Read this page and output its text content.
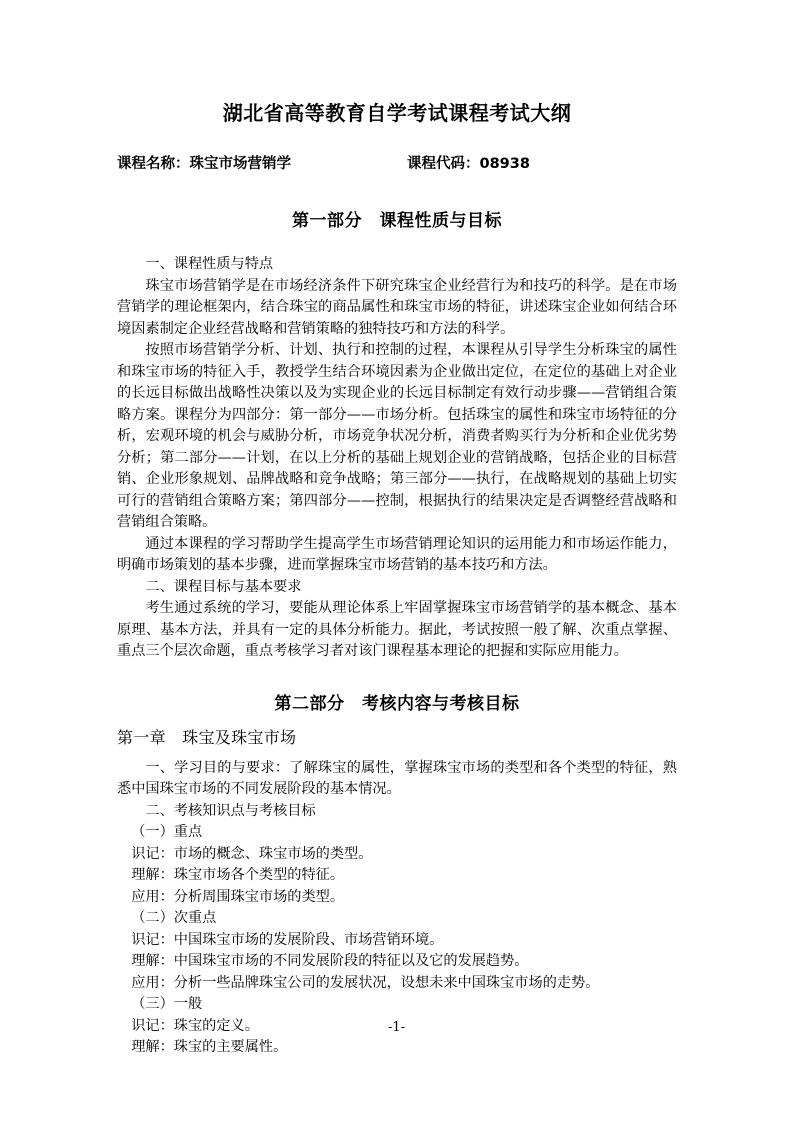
湖北省高等教育自学考试课程考试大纲
课程名称：珠宝市场营销学	课程代码：08938
第一部分　课程性质与目标

一、课程性质与特点

珠宝市场营销学是在市场经济条件下研究珠宝企业经营行为和技巧的科学。是在市场营销学的理论框架内，结合珠宝的商品属性和珠宝市场的特征，讲述珠宝企业如何结合环境因素制定企业经营战略和营销策略的独特技巧和方法的科学。

按照市场营销学分析、计划、执行和控制的过程，本课程从引导学生分析珠宝的属性和珠宝市场的特征入手，教授学生结合环境因素为企业做出定位，在定位的基础上对企业的长远目标做出战略性决策以及为实现企业的长远目标制定有效行动步骤——营销组合策略方案。课程分为四部分：第一部分——市场分析。包括珠宝的属性和珠宝市场特征的分析，宏观环境的机会与威胁分析，市场竞争状况分析，消费者购买行为分析和企业优劣势分析；第二部分——计划，在以上分析的基础上规划企业的营销战略，包括企业的目标营销、企业形象规划、品牌战略和竞争战略；第三部分——执行，在战略规划的基础上切实可行的营销组合策略方案；第四部分——控制，根据执行的结果决定是否调整经营战略和营销组合策略。

通过本课程的学习帮助学生提高学生市场营销理论知识的运用能力和市场运作能力，明确市场策划的基本步骤，进而掌握珠宝市场营销的基本技巧和方法。

二、课程目标与基本要求

考生通过系统的学习，要能从理论体系上牢固掌握珠宝市场营销学的基本概念、基本原理、基本方法，并具有一定的具体分析能力。据此，考试按照一般了解、次重点掌握、重点三个层次命题，重点考核学习者对该门课程基本理论的把握和实际应用能力。

第二部分　考核内容与考核目标
第一章　珠宝及珠宝市场

一、学习目的与要求：了解珠宝的属性，掌握珠宝市场的类型和各个类型的特征，熟悉中国珠宝市场的不同发展阶段的基本情况。

二、考核知识点与考核目标

（一）重点

识记：市场的概念、珠宝市场的类型。

理解：珠宝市场各个类型的特征。

应用：分析周围珠宝市场的类型。

（二）次重点

识记：中国珠宝市场的发展阶段、市场营销环境。

理解：中国珠宝市场的不同发展阶段的特征以及它的发展趋势。

应用：分析一些品牌珠宝公司的发展状况，设想未来中国珠宝市场的走势。

（三）一般

识记：珠宝的定义。

理解：珠宝的主要属性。

-1-
